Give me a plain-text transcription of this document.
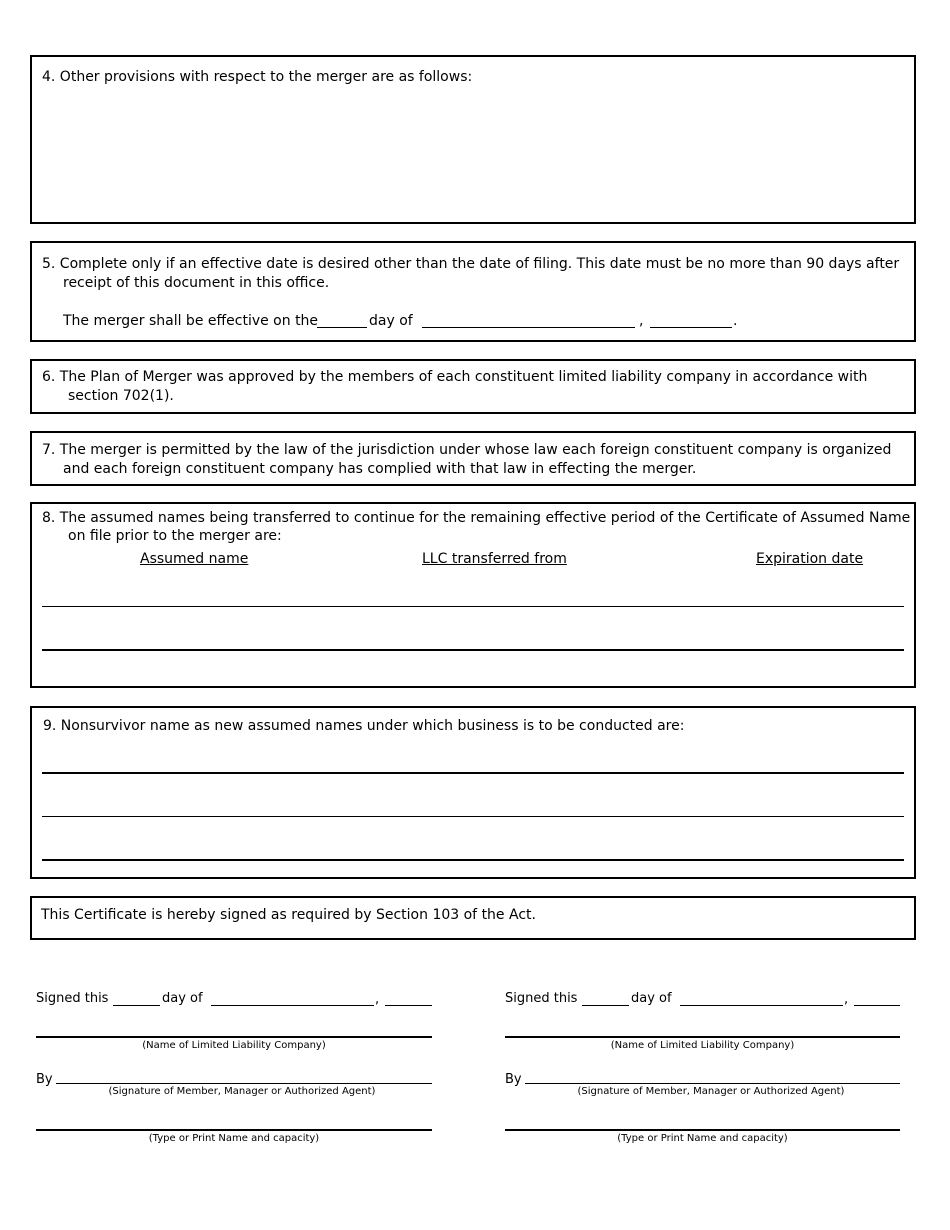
4. Other provisions with respect to the merger are as follows:
5. Complete only if an effective date is desired other than the date of filing. This date must be no more than 90 days after
receipt of this document in this office.
The merger shall be effective on the	day of	,	.
6. The Plan of Merger was approved by the members of each constituent limited liability company in accordance with
section 702(1).
7. The merger is permitted by the law of the jurisdiction under whose law each foreign constituent company is organized
and each foreign constituent company has complied with that law in effecting the merger.
8. The assumed names being transferred to continue for the remaining effective period of the Certificate of Assumed Name
on file prior to the merger are:
Assumed name	LLC transferred from	Expiration date
9. Nonsurvivor name as new assumed names under which business is to be conducted are:
This Certificate is hereby signed as required by Section 103 of the Act.
Signed this	day of	,
(Name of Limited Liability Company)
By
(Signature of Member, Manager or Authorized Agent)
(Type or Print Name and capacity)
Signed this	day of	,
(Name of Limited Liability Company)
By
(Signature of Member, Manager or Authorized Agent)
(Type or Print Name and capacity)
